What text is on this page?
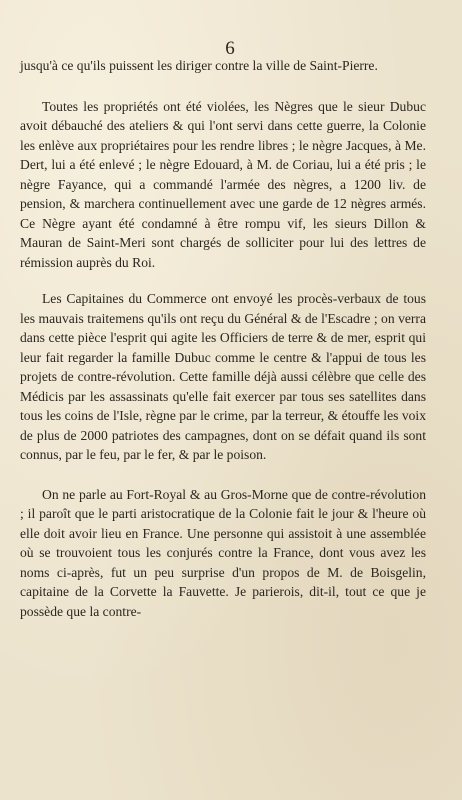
6

jusqu'à ce qu'ils puissent les diriger contre la ville de Saint-Pierre.

Toutes les propriétés ont été violées, les Nègres que le sieur Dubuc avoit débauché des ateliers & qui l'ont servi dans cette guerre, la Colonie les enlève aux propriétaires pour les rendre libres ; le nègre Jacques, à Me. Dert, lui a été enlevé ; le nègre Edouard, à M. de Coriau, lui a été pris ; le nègre Fayance, qui a commandé l'armée des nègres, a 1200 liv. de pension, & marchera continuellement avec une garde de 12 nègres armés. Ce Nègre ayant été condamné à être rompu vif, les sieurs Dillon & Mauran de Saint-Meri sont chargés de solliciter pour lui des lettres de rémission auprès du Roi.

Les Capitaines du Commerce ont envoyé les procès-verbaux de tous les mauvais traitemens qu'ils ont reçu du Général & de l'Escadre ; on verra dans cette pièce l'esprit qui agite les Officiers de terre & de mer, esprit qui leur fait regarder la famille Dubuc comme le centre & l'appui de tous les projets de contre-révolution. Cette famille déjà aussi célèbre que celle des Médicis par les assassinats qu'elle fait exercer par tous ses satellites dans tous les coins de l'Isle, règne par le crime, par la terreur, & étouffe les voix de plus de 2000 patriotes des campagnes, dont on se défait quand ils sont connus, par le feu, par le fer, & par le poison.

On ne parle au Fort-Royal & au Gros-Morne que de contre-révolution ; il paroît que le parti aristocratique de la Colonie fait le jour & l'heure où elle doit avoir lieu en France. Une personne qui assistoit à une assemblée où se trouvoient tous les conjurés contre la France, dont vous avez les noms ci-après, fut un peu surprise d'un propos de M. de Boisgelin, capitaine de la Corvette la Fauvette. Je parierois, dit-il, tout ce que je possède que la contre-
